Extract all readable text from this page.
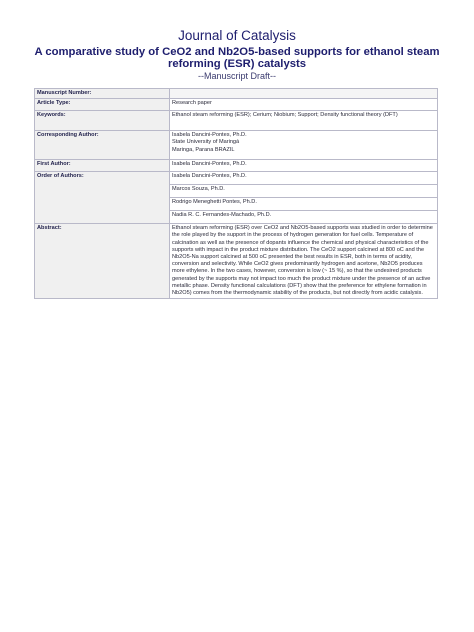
Journal of Catalysis
A comparative study of CeO2 and Nb2O5-based supports for ethanol steam reforming (ESR) catalysts
--Manuscript Draft--
Manuscript Number:	
Article Type:	Research paper
Keywords:	Ethanol steam reforming (ESR); Cerium; Niobium; Support; Density functional theory (DFT)
Corresponding Author:	Isabela Dancini-Pontes, Ph.D.
State University of Maringá
Maringa, Parana BRAZIL

First Author:	Isabela Dancini-Pontes, Ph.D.
Order of Authors:	Isabela Dancini-Pontes, Ph.D.
	Marcos Souza, Ph.D.
	Rodrigo Meneghetti Pontes, Ph.D.
	Nadia R. C. Fernandes-Machado, Ph.D.
Abstract:	Ethanol steam reforming (ESR) over CeO2 and Nb2O5-based supports was studied in order to determine the role played by the support in the process of hydrogen generation for fuel cells. Temperature of calcination as well as the presence of dopants influence the chemical and physical characteristics of the supports with impact in the product mixture distribution. The CeO2 support calcined at 800 oC and the Nb2O5-Na support calcined at 500 oC presented the best results in ESR, both in terms of acidity, conversion and selectivity. While CeO2 gives predominantly hydrogen and acetone, Nb2O5 produces more ethylene. In the two cases, however, conversion is low (~ 15 %), so that the undesired products generated by the supports may not impact too much the product mixture under the presence of an active metallic phase. Density functional calculations (DFT) show that the preference for ethylene formation in Nb2O5) comes from the thermodynamic stability of the products, but not directly from acidic catalysis.
